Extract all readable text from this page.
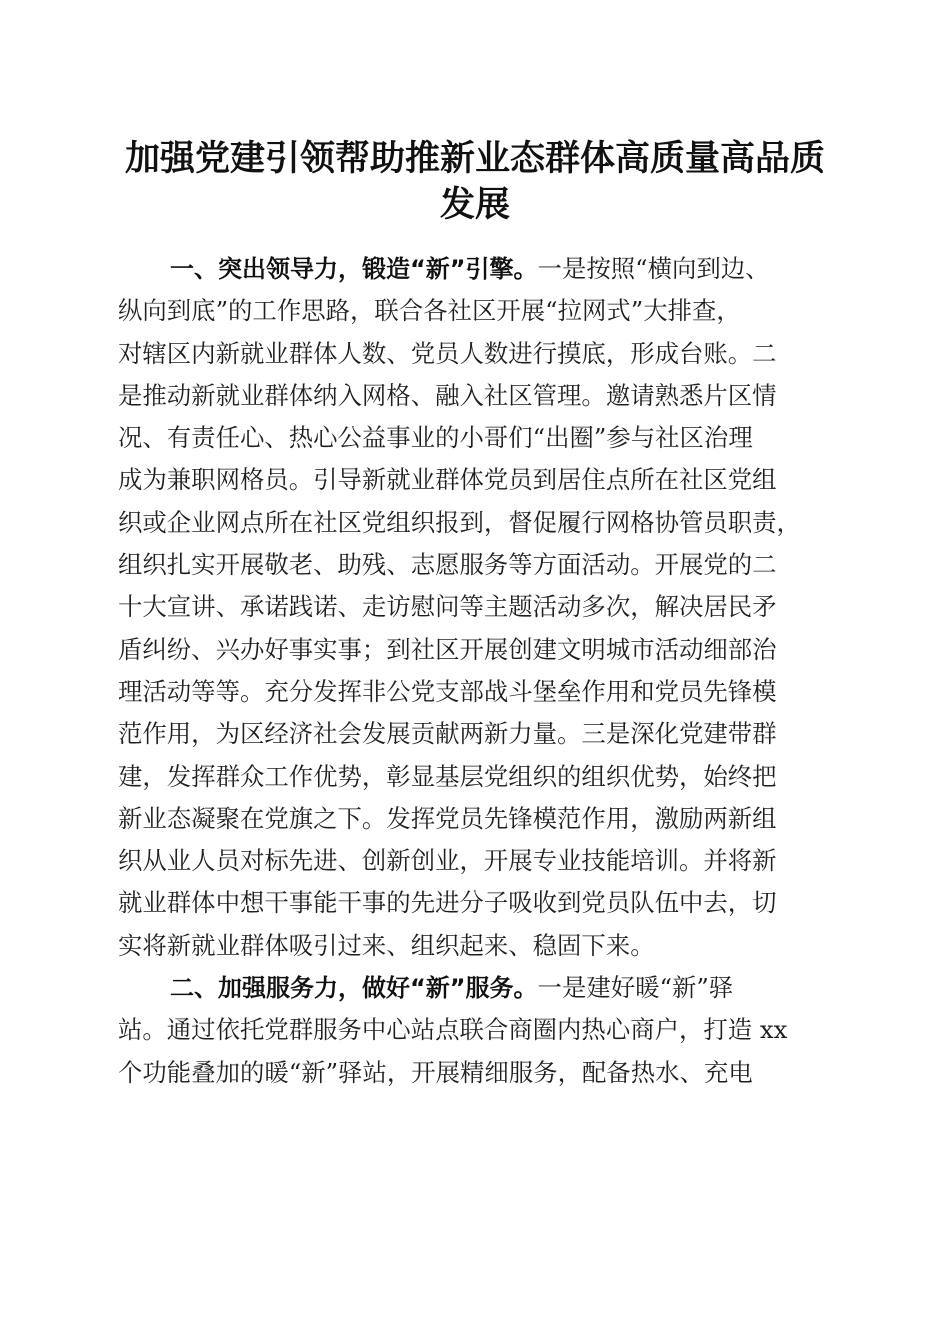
加强党建引领帮助推新业态群体高质量高品质
发展
一、突出领导力，锻造“新”引擎。一是按照“横向到边、
纵向到底”的工作思路，联合各社区开展“拉网式”大排查，
对辖区内新就业群体人数、党员人数进行摸底，形成台账。二
是推动新就业群体纳入网格、融入社区管理。邀请熟悉片区情
况、有责任心、热心公益事业的小哥们“出圈”参与社区治理
成为兼职网格员。引导新就业群体党员到居住点所在社区党组
织或企业网点所在社区党组织报到，督促履行网格协管员职责，
组织扎实开展敬老、助残、志愿服务等方面活动。开展党的二
十大宣讲、承诺践诺、走访慰问等主题活动多次，解决居民矛
盾纠纷、兴办好事实事；到社区开展创建文明城市活动细部治
理活动等等。充分发挥非公党支部战斗堡垒作用和党员先锋模
范作用，为区经济社会发展贡献两新力量。三是深化党建带群
建，发挥群众工作优势，彰显基层党组织的组织优势，始终把
新业态凝聚在党旗之下。发挥党员先锋模范作用，激励两新组
织从业人员对标先进、创新创业，开展专业技能培训。并将新
就业群体中想干事能干事的先进分子吸收到党员队伍中去，切
实将新就业群体吸引过来、组织起来、稳固下来。
二、加强服务力，做好“新”服务。一是建好暖“新”驿
站。通过依托党群服务中心站点联合商圈内热心商户，打造 xx
个功能叠加的暖“新”驿站，开展精细服务，配备热水、充电
